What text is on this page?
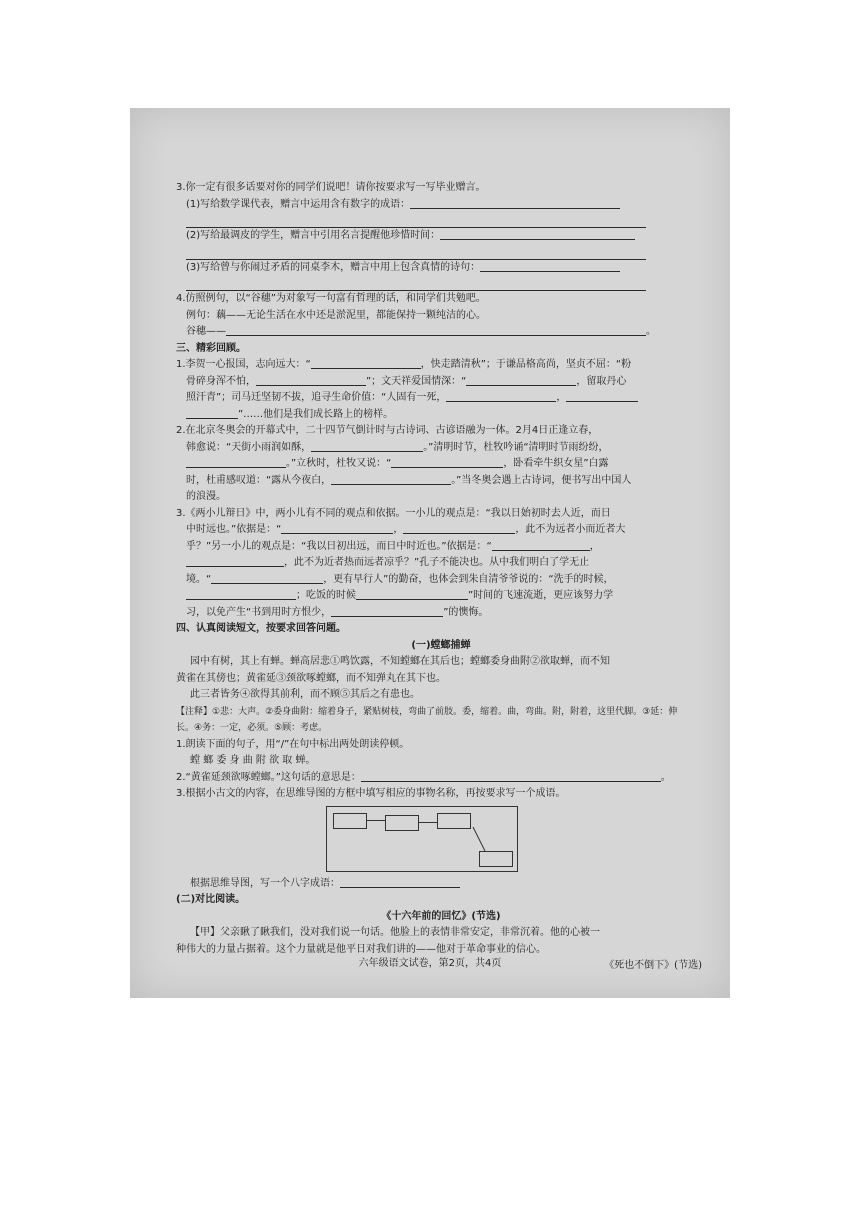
3.你一定有很多话要对你的同学们说吧！请你按要求写一写毕业赠言。
(1)写给数学课代表，赠言中运用含有数字的成语：
(2)写给最调皮的学生，赠言中引用名言提醒他珍惜时间：
(3)写给曾与你闹过矛盾的同桌李木，赠言中用上包含真情的诗句：
4.仿照例句，以“谷穗”为对象写一句富有哲理的话，和同学们共勉吧。
例句：藕——无论生活在水中还是淤泥里，都能保持一颗纯洁的心。
谷穗——	。
三、精彩回顾。
1.李贺一心报国，志向远大：“	，快走踏清秋”；于谦品格高尚，坚贞不屈：“粉
骨碎身浑不怕，	”；文天祥爱国情深：“	，留取丹心
照汗青”；司马迁坚韧不拔，追寻生命价值：“人固有一死，	，
”……他们是我们成长路上的榜样。
2.在北京冬奥会的开幕式中，二十四节气倒计时与古诗词、古谚语融为一体。2月4日正逢立春，
韩愈说：“天街小雨润如酥，	。”清明时节，杜牧吟诵“清明时节雨纷纷，
。”立秋时，杜牧又说：“	，卧看牵牛织女星”白露
时，杜甫感叹道：“露从今夜白，	。”当冬奥会遇上古诗词，便书写出中国人
的浪漫。
3.《两小儿辩日》中，两小儿有不同的观点和依据。一小儿的观点是：“我以日始初时去人近，而日
中时远也。”依据是：“	，	，此不为远者小而近者大
乎？”另一小儿的观点是：“我以日初出远，而日中时近也。”依据是：“	，
，此不为近者热而远者凉乎？”孔子不能决也。从中我们明白了学无止
境。“	，更有早行人”的勤奋，也体会到朱自清爷爷说的：“洗手的时候，
；吃饭的时候	”时间的飞速流逝，更应该努力学
习，以免产生“书到用时方恨少，	”的懊悔。
四、认真阅读短文，按要求回答问题。
(一)螳螂捕蝉
园中有树，其上有蝉。蝉高居悲①鸣饮露，不知螳螂在其后也；螳螂委身曲附②欲取蝉，而不知
黄雀在其傍也；黄雀延③颈欲啄螳螂，而不知弹丸在其下也。
此三者皆务④欲得其前利，而不顾⑤其后之有患也。
【注释】①悲：大声。②委身曲附：缩着身子，紧贴树枝，弯曲了前肢。委，缩着。曲，弯曲。附，附着，这里代脚。③延：伸
长。④务：一定，必须。⑤顾：考虑。
1.朗读下面的句子，用“/”在句中标出两处朗读停顿。
螳 螂 委 身 曲 附 欲 取 蝉。
2.“黄雀延颈欲啄螳螂。”这句话的意思是：	。
3.根据小古文的内容，在思维导图的方框中填写相应的事物名称，再按要求写一个成语。
根据思维导图，写一个八字成语：
(二)对比阅读。
《十六年前的回忆》(节选)
【甲】父亲瞅了瞅我们，没对我们说一句话。他脸上的表情非常安定，非常沉着。他的心被一
种伟大的力量占据着。这个力量就是他平日对我们讲的——他对于革命事业的信心。
《死也不倒下》(节选)
六年级语文试卷，第2页，共4页
